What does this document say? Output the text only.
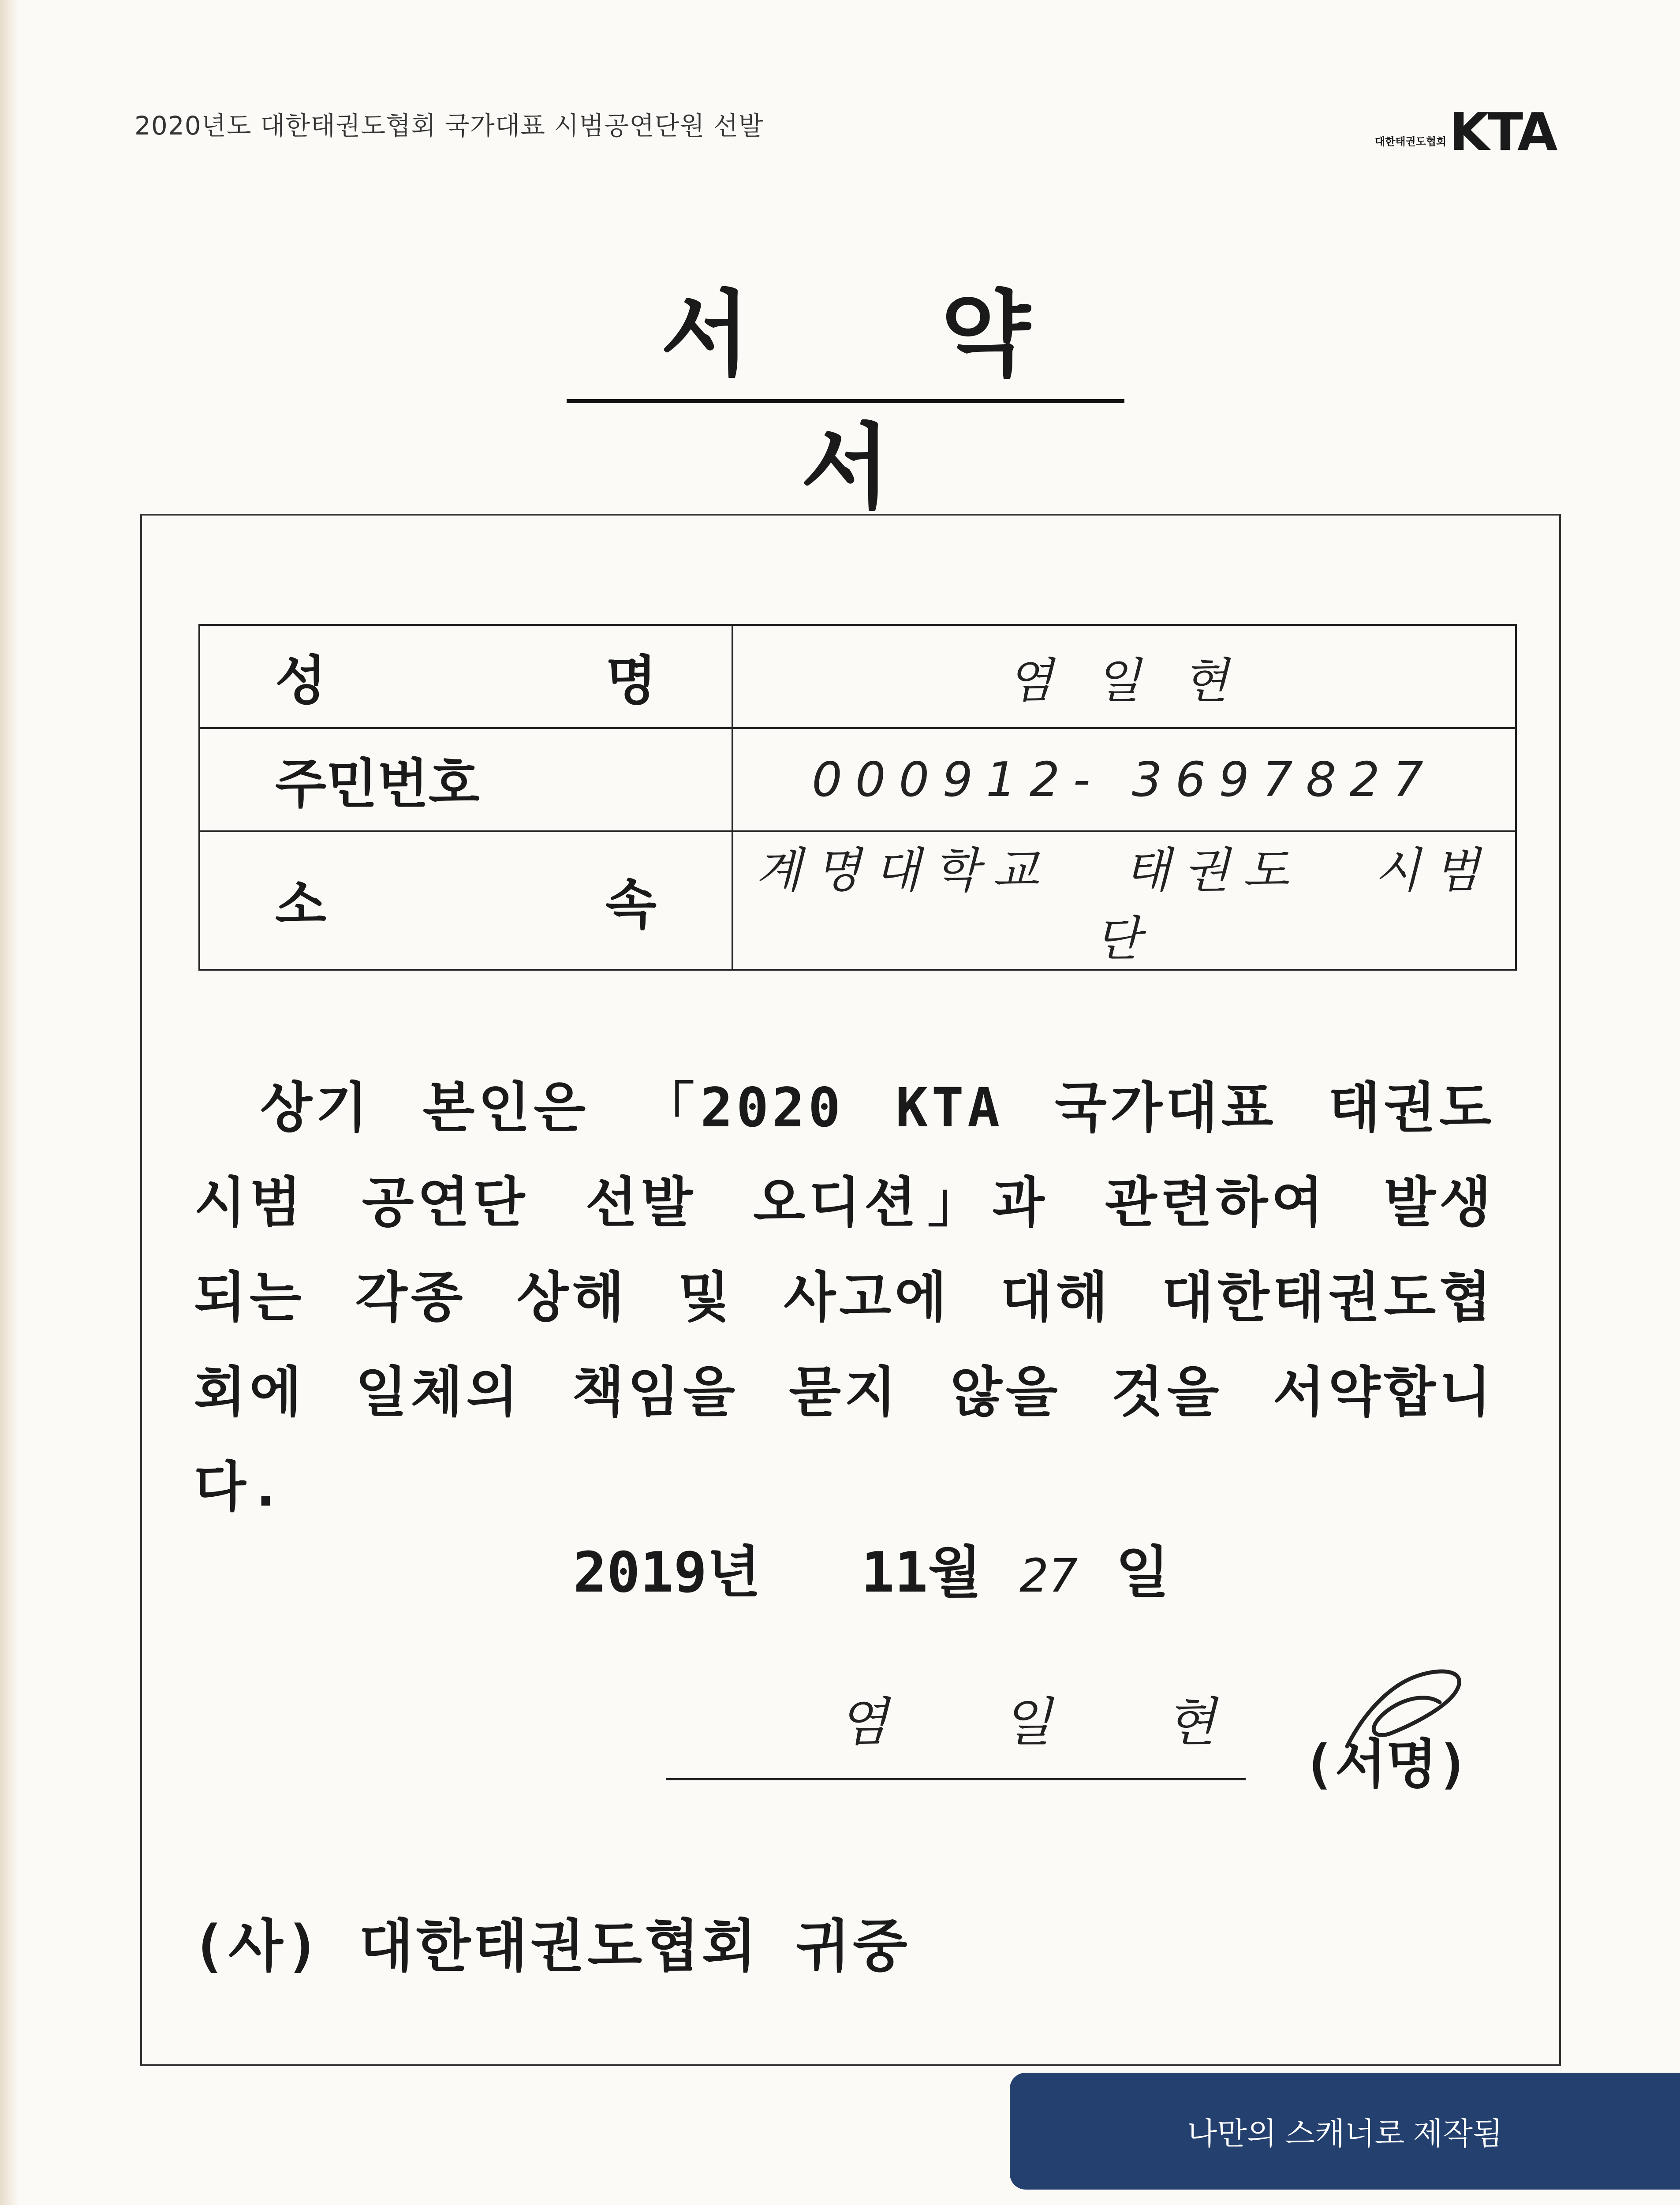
2020년도 대한태권도협회 국가대표 시범공연단원 선발
대한태권도협회 KTA
서 약 서
성 명	염 일 현
주민번호	000912- 3697827
소 속	계명대학교 태권도 시범단
상기 본인은 「2020 KTA 국가대표 태권도 시범 공연단 선발 오디션」과 관련하여 발생되는 각종 상해 및 사고에 대해 대한태권도협회에 일체의 책임을 묻지 않을 것을 서약합니다.
2019년 11월 27 일
염 일 현
(서명)
(사) 대한태권도협회 귀중
나만의 스캐너로 제작됨
